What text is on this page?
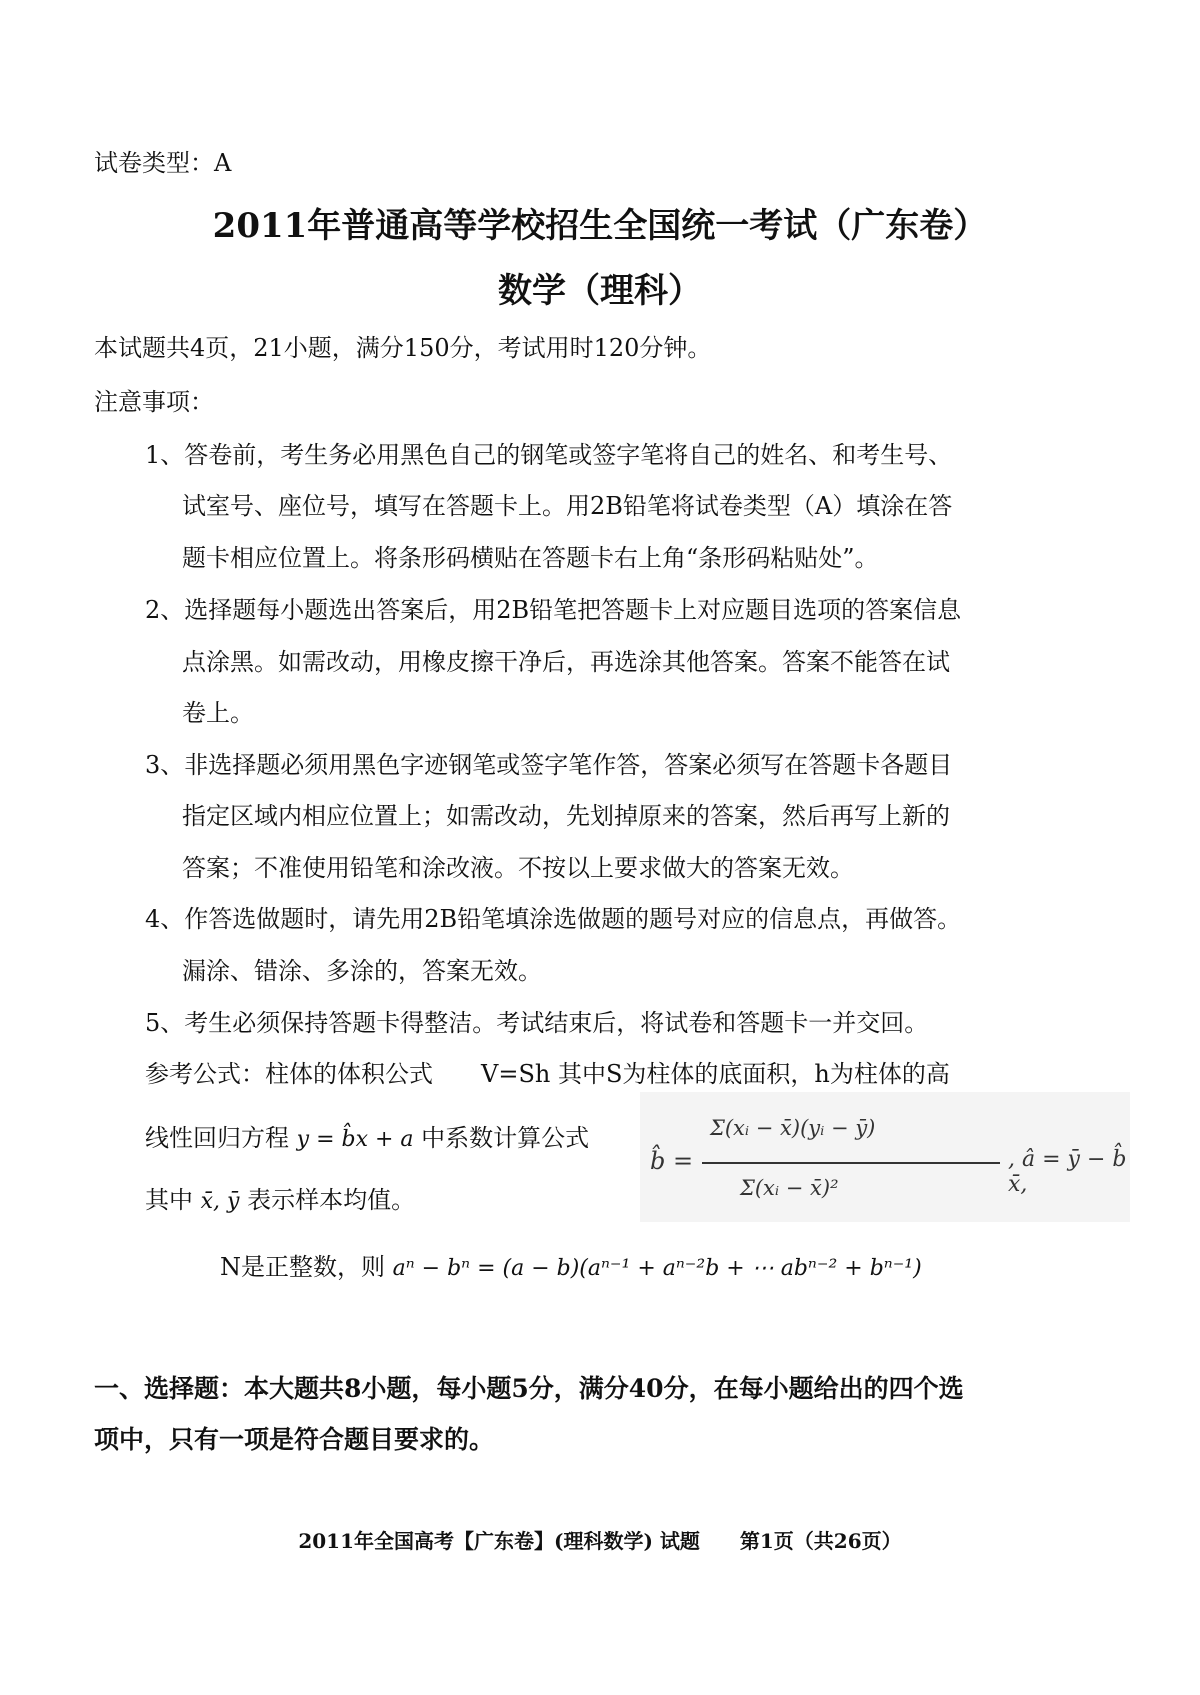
试卷类型：A
2011年普通高等学校招生全国统一考试（广东卷）
数学（理科）
本试题共4页，21小题，满分150分，考试用时120分钟。
注意事项：
1、答卷前，考生务必用黑色自己的钢笔或签字笔将自己的姓名、和考生号、
试室号、座位号，填写在答题卡上。用2B铅笔将试卷类型（A）填涂在答
题卡相应位置上。将条形码横贴在答题卡右上角“条形码粘贴处”。
2、选择题每小题选出答案后，用2B铅笔把答题卡上对应题目选项的答案信息
点涂黑。如需改动，用橡皮擦干净后，再选涂其他答案。答案不能答在试
卷上。
3、非选择题必须用黑色字迹钢笔或签字笔作答，答案必须写在答题卡各题目
指定区域内相应位置上；如需改动，先划掉原来的答案，然后再写上新的
答案；不准使用铅笔和涂改液。不按以上要求做大的答案无效。
4、作答选做题时，请先用2B铅笔填涂选做题的题号对应的信息点，再做答。
漏涂、错涂、多涂的，答案无效。
5、考生必须保持答题卡得整洁。考试结束后，将试卷和答题卡一并交回。
参考公式：柱体的体积公式　　V=Sh 其中S为柱体的底面积，h为柱体的高
线性回归方程 y = b̂x + a 中系数计算公式
b̂ =
Σ(xᵢ − x̄)(yᵢ − ȳ)
Σ(xᵢ − x̄)²
, â = ȳ − b̂ x̄,
其中 x̄, ȳ 表示样本均值。
N是正整数，则 aⁿ − bⁿ = (a − b)(aⁿ⁻¹ + aⁿ⁻²b + ⋯ abⁿ⁻² + bⁿ⁻¹)
一、选择题：本大题共8小题，每小题5分，满分40分，在每小题给出的四个选
项中，只有一项是符合题目要求的。
2011年全国高考【广东卷】(理科数学) 试题　　第1页（共26页）
